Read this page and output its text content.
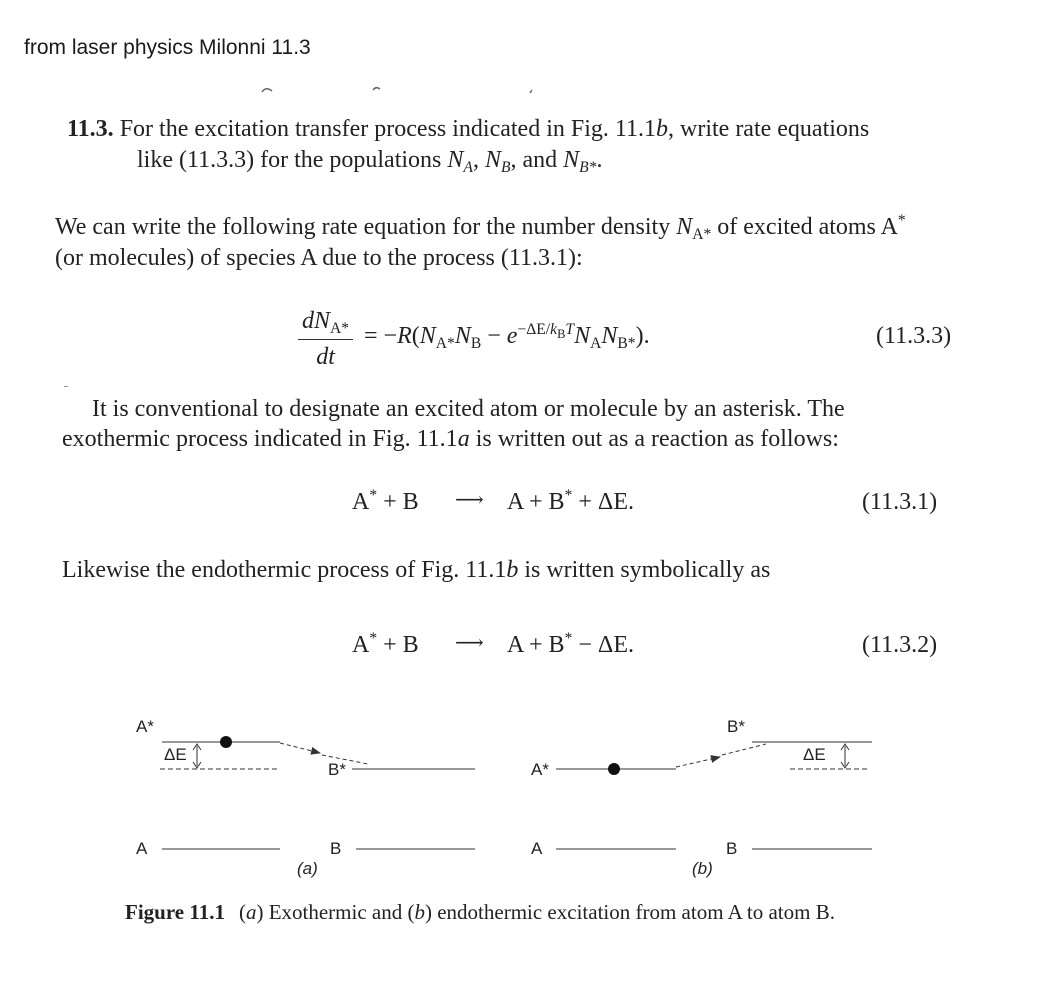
from laser physics Milonni 11.3
11.3. For the excitation transfer process indicated in Fig. 11.1b, write rate equations
like (11.3.3) for the populations $N_A$, $N_B$, and $N_{B*}$.
We can write the following rate equation for the number density $N_{A*}$ of excited atoms A*
(or molecules) of species A due to the process (11.3.1):
$dN_{A*}$
dt
= $-R(N_{A*}N_B - e^{-\Delta E/k_BT}N_AN_{B*})$.	(11.3.3)
It is conventional to designate an excited atom or molecule by an asterisk. The
exothermic process indicated in Fig. 11.1a is written out as a reaction as follows:
A* + B ⟶ A + B* + ΔE.	(11.3.1)
Likewise the endothermic process of Fig. 11.1b is written symbolically as
A* + B ⟶ A + B* − ΔE.	(11.3.2)
A*
ΔE
B*
A	B
(a)
A*
B*
ΔE
A	B
(b)
Figure 11.1 (a) Exothermic and (b) endothermic excitation from atom A to atom B.
